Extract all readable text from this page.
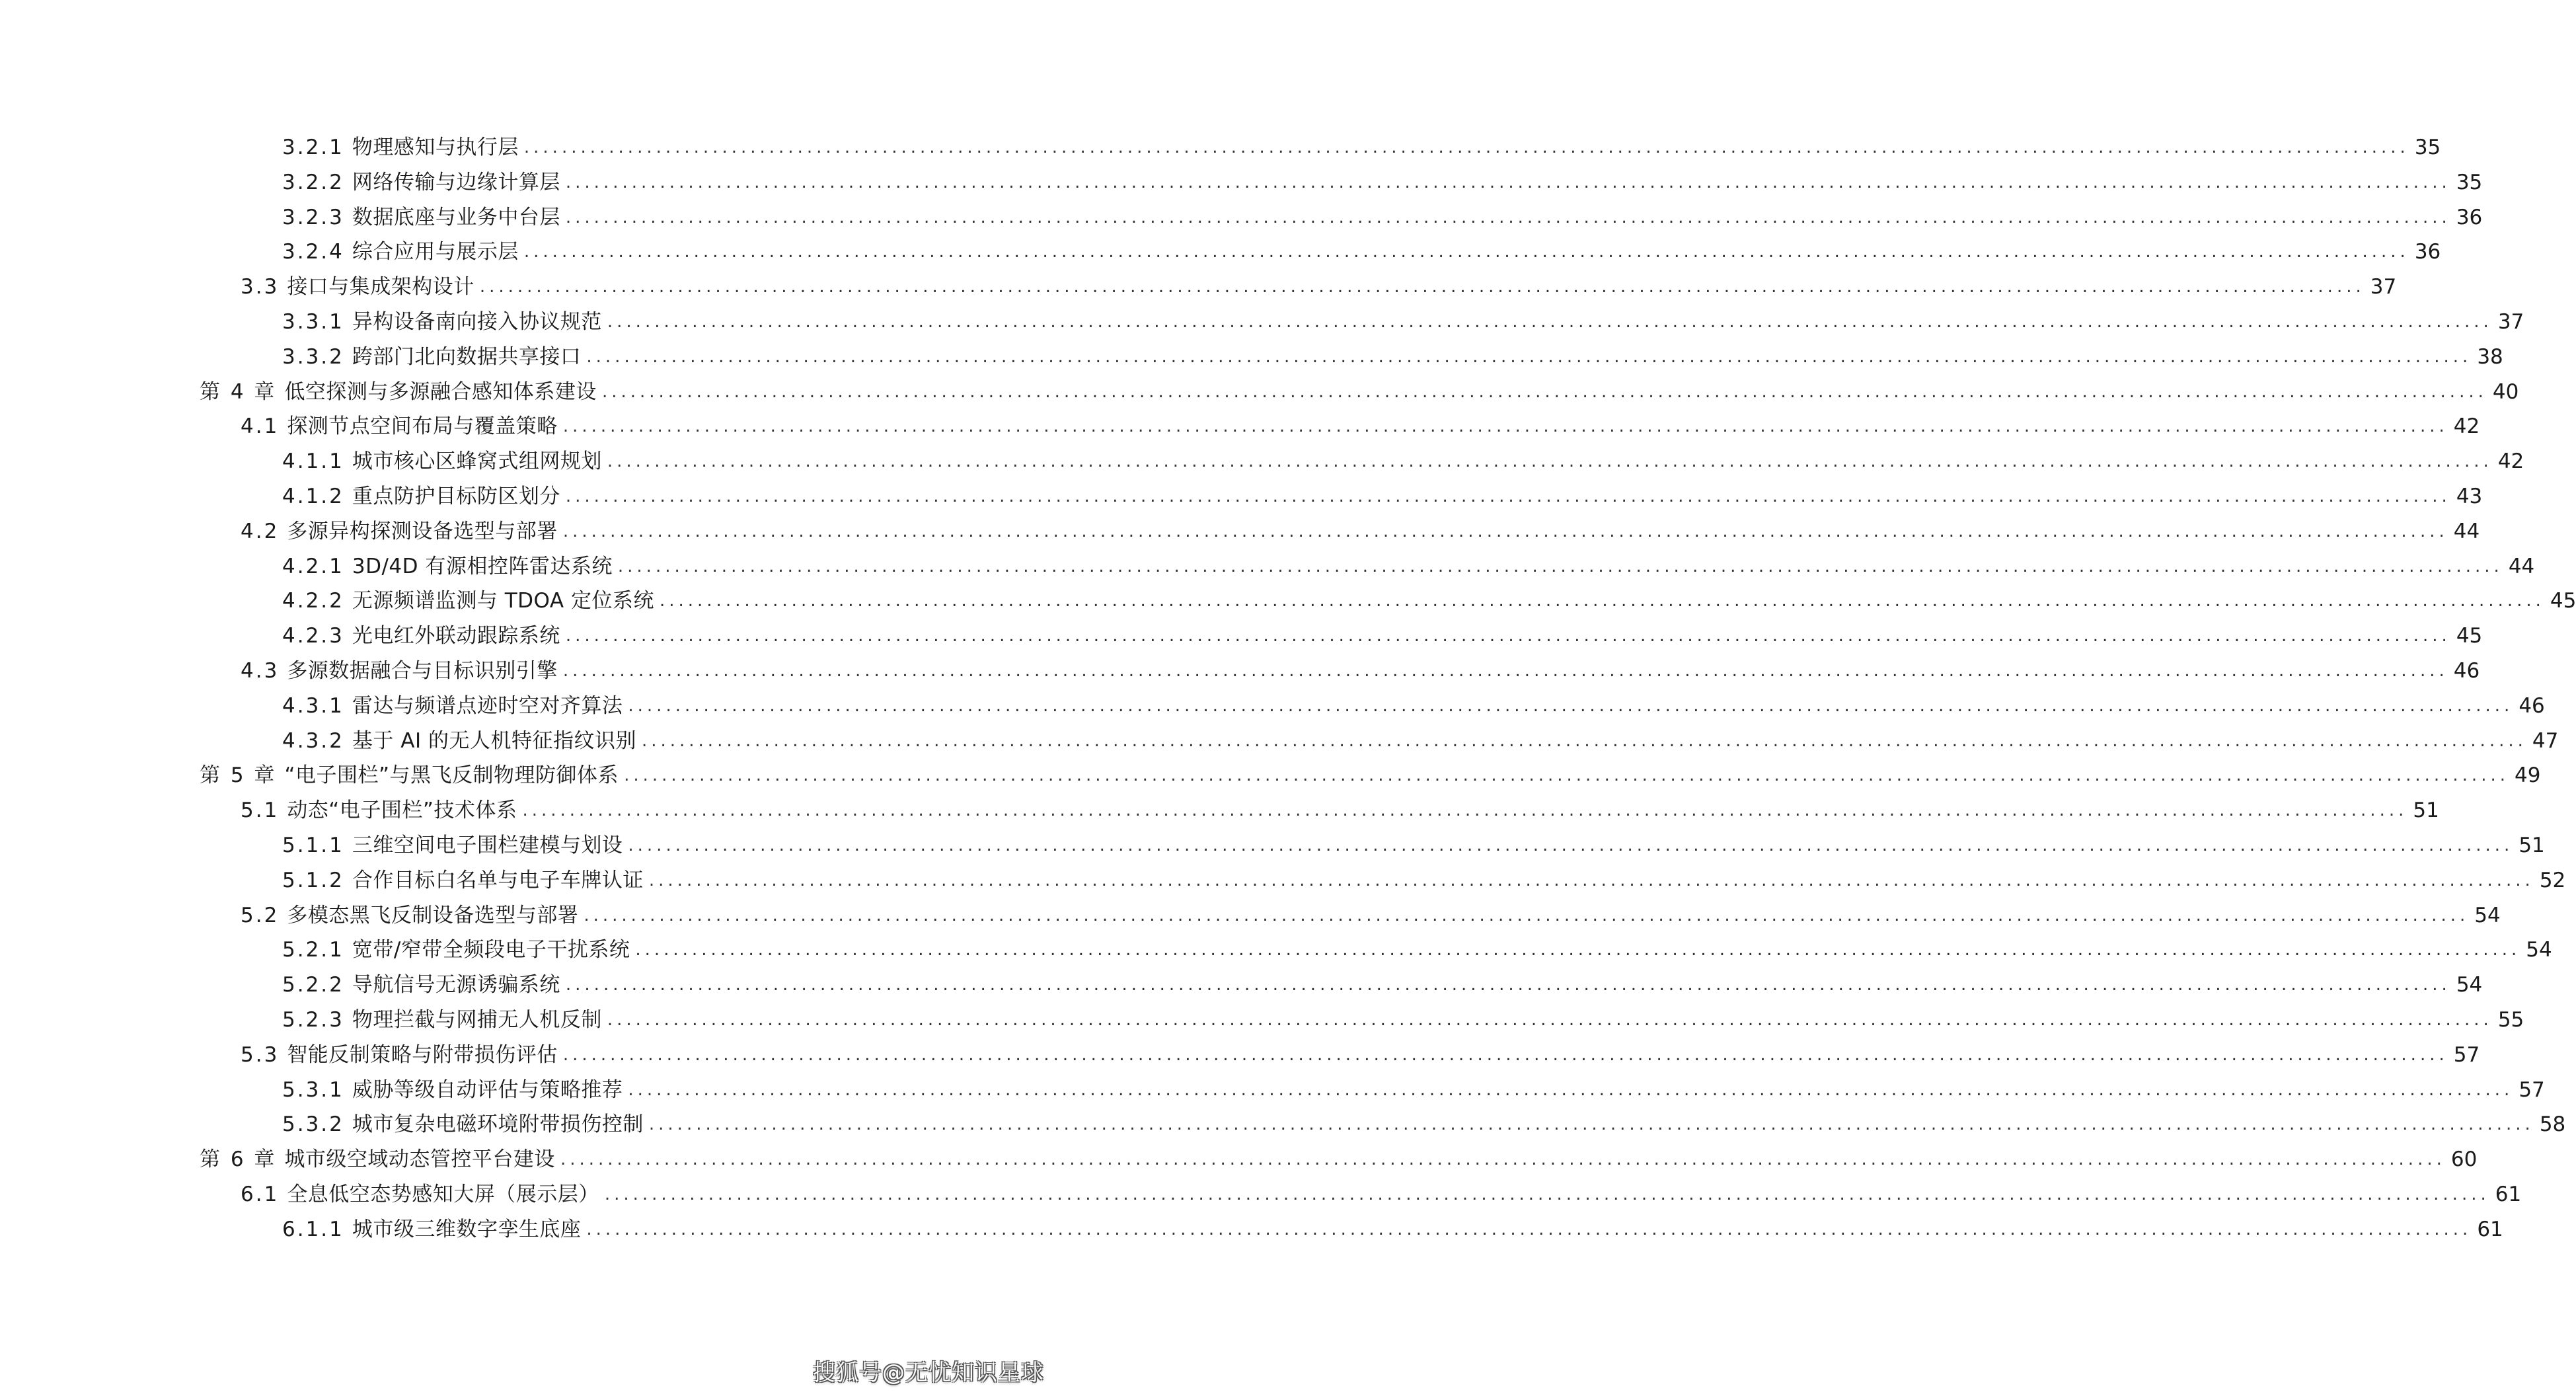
3.2.1 物理感知与执行层 ........................................................................................................................................................................................................ 35
3.2.2 网络传输与边缘计算层 ........................................................................................................................................................................................................ 35
3.2.3 数据底座与业务中台层 ........................................................................................................................................................................................................ 36
3.2.4 综合应用与展示层 ........................................................................................................................................................................................................ 36
3.3 接口与集成架构设计 ........................................................................................................................................................................................................ 37
3.3.1 异构设备南向接入协议规范 ........................................................................................................................................................................................................ 37
3.3.2 跨部门北向数据共享接口 ........................................................................................................................................................................................................ 38
第 4 章 低空探测与多源融合感知体系建设 ........................................................................................................................................................................................................ 40
4.1 探测节点空间布局与覆盖策略 ........................................................................................................................................................................................................ 42
4.1.1 城市核心区蜂窝式组网规划 ........................................................................................................................................................................................................ 42
4.1.2 重点防护目标防区划分 ........................................................................................................................................................................................................ 43
4.2 多源异构探测设备选型与部署 ........................................................................................................................................................................................................ 44
4.2.1 3D/4D 有源相控阵雷达系统 ........................................................................................................................................................................................................ 44
4.2.2 无源频谱监测与 TDOA 定位系统 ........................................................................................................................................................................................................ 45
4.2.3 光电红外联动跟踪系统 ........................................................................................................................................................................................................ 45
4.3 多源数据融合与目标识别引擎 ........................................................................................................................................................................................................ 46
4.3.1 雷达与频谱点迹时空对齐算法 ........................................................................................................................................................................................................ 46
4.3.2 基于 AI 的无人机特征指纹识别 ........................................................................................................................................................................................................ 47
第 5 章 “电子围栏”与黑飞反制物理防御体系 ........................................................................................................................................................................................................ 49
5.1 动态“电子围栏”技术体系 ........................................................................................................................................................................................................ 51
5.1.1 三维空间电子围栏建模与划设 ........................................................................................................................................................................................................ 51
5.1.2 合作目标白名单与电子车牌认证 ........................................................................................................................................................................................................ 52
5.2 多模态黑飞反制设备选型与部署 ........................................................................................................................................................................................................ 54
5.2.1 宽带/窄带全频段电子干扰系统 ........................................................................................................................................................................................................ 54
5.2.2 导航信号无源诱骗系统 ........................................................................................................................................................................................................ 54
5.2.3 物理拦截与网捕无人机反制 ........................................................................................................................................................................................................ 55
5.3 智能反制策略与附带损伤评估 ........................................................................................................................................................................................................ 57
5.3.1 威胁等级自动评估与策略推荐 ........................................................................................................................................................................................................ 57
5.3.2 城市复杂电磁环境附带损伤控制 ........................................................................................................................................................................................................ 58
第 6 章 城市级空域动态管控平台建设 ........................................................................................................................................................................................................ 60
6.1 全息低空态势感知大屏（展示层） ........................................................................................................................................................................................................ 61
6.1.1 城市级三维数字孪生底座 ........................................................................................................................................................................................................ 61
搜狐号@无忧知识星球
